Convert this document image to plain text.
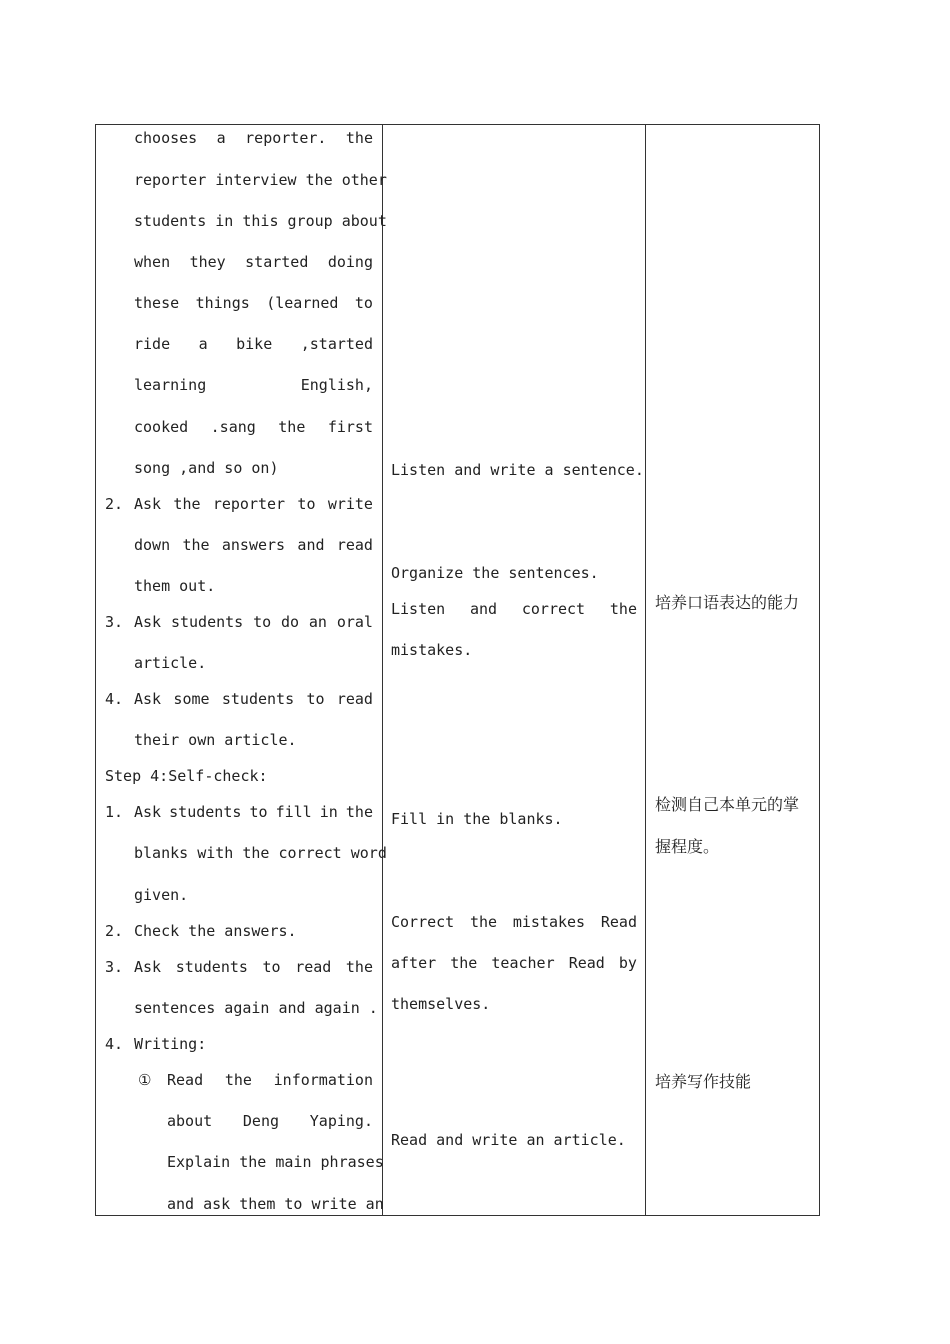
chooses a reporter. the
reporter interview the other
students in this group about
when they started doing
these things (learned to
ride a bike ,started
learning	English,
cooked .sang the first
song ,and so on)
2. Ask the reporter to write
down the answers and read
them out.
3. Ask students to do an oral
article.
4. Ask some students to read
their own article.
Step 4:Self-check:
1. Ask students to fill in the
blanks with the correct word
given.
2. Check the answers.
3. Ask students to read the
sentences again and again .
4. Writing:
① Read the information
about Deng Yaping.
Explain the main phrases
and ask them to write an
Listen and write a sentence.
Organize the sentences.
Listen and correct the
mistakes.
Fill in the blanks.
Correct the mistakes Read
after the teacher Read by
themselves.
Read and write an article.
培养口语表达的能力
检测自己本单元的掌
握程度。
培养写作技能
